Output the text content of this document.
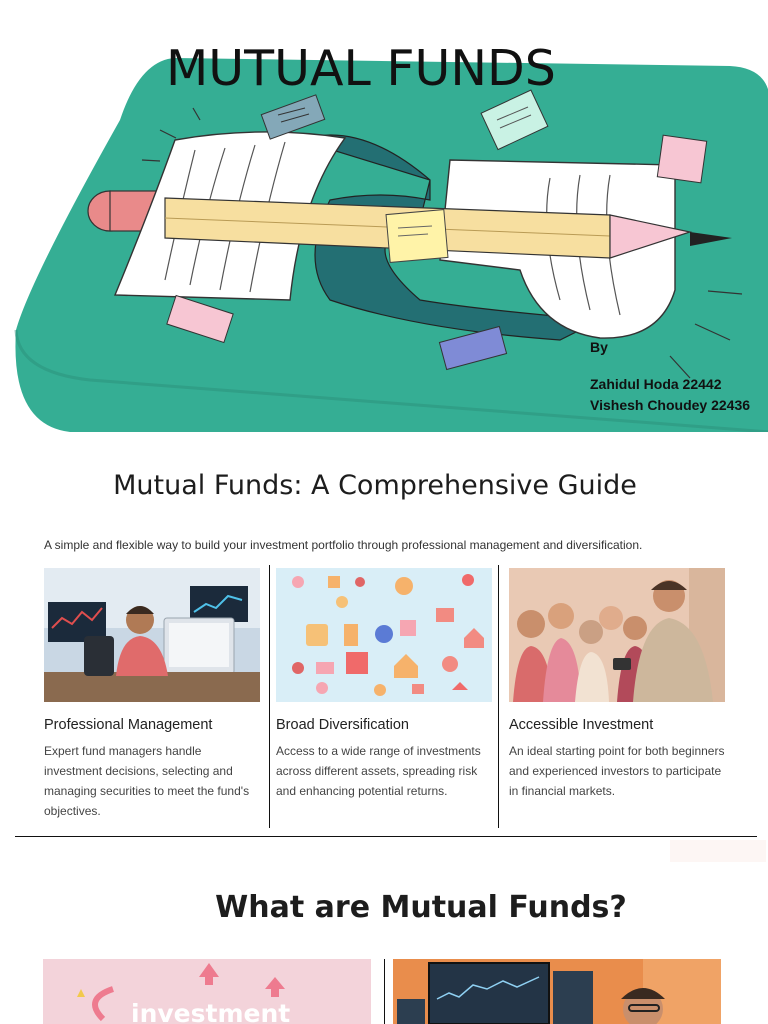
MUTUAL FUNDS
By
Zahidul Hoda 22442
Vishesh Choudey 22436
Mutual Funds: A Comprehensive Guide
A simple and flexible way to build your investment portfolio through professional management and diversification.
Professional Management
Expert fund managers handle investment decisions, selecting and managing securities to meet the fund's objectives.
Broad Diversification
Access to a wide range of investments across different assets, spreading risk and enhancing potential returns.
Accessible Investment
An ideal starting point for both beginners and experienced investors to participate in financial markets.
What are Mutual Funds?
investment
